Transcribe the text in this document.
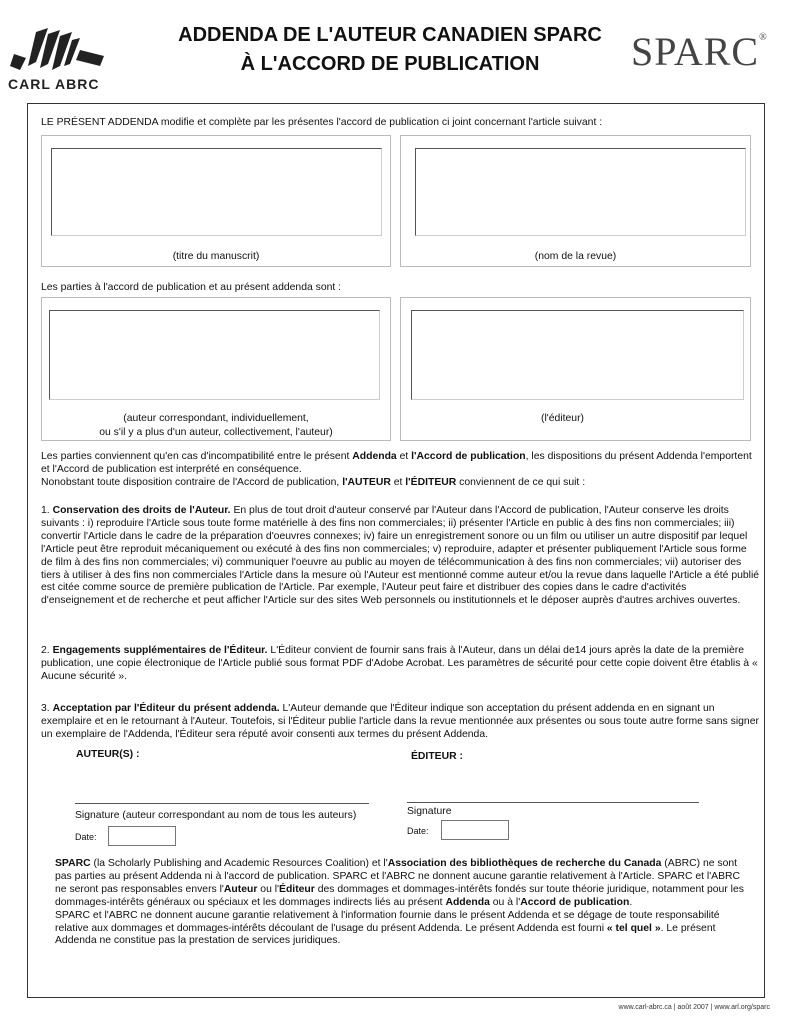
CARL ABRC
ADDENDA DE L'AUTEUR CANADIEN SPARC
À L'ACCORD DE PUBLICATION	SPARC®
LE PRÉSENT ADDENDA modifie et complète par les présentes l'accord de publication ci joint concernant l'article suivant :
(titre du manuscrit)	(nom de la revue)
Les parties à l'accord de publication et au présent addenda sont :
(auteur correspondant, individuellement,
ou s'il y a plus d'un auteur, collectivement, l'auteur)
(l'éditeur)
Les parties conviennent qu'en cas d'incompatibilité entre le présent Addenda et l'Accord de publication, les dispositions du présent Addenda l'emportent et l'Accord de publication est interprété en conséquence.
Nonobstant toute disposition contraire de l'Accord de publication, l'AUTEUR et l'ÉDITEUR conviennent de ce qui suit :
1. Conservation des droits de l'Auteur. En plus de tout droit d'auteur conservé par l'Auteur dans l'Accord de publication, l'Auteur conserve les droits suivants : i) reproduire l'Article sous toute forme matérielle à des fins non commerciales; ii) présenter l'Article en public à des fins non commerciales; iii) convertir l'Article dans le cadre de la préparation d'oeuvres connexes; iv) faire un enregistrement sonore ou un film ou utiliser un autre dispositif par lequel l'Article peut être reproduit mécaniquement ou exécuté à des fins non commerciales; v) reproduire, adapter et présenter publiquement l'Article sous forme de film à des fins non commerciales; vi) communiquer l'oeuvre au public au moyen de télécommunication à des fins non commerciales; vii) autoriser des tiers à utiliser à des fins non commerciales l'Article dans la mesure où l'Auteur est mentionné comme auteur et/ou la revue dans laquelle l'Article a été publié est citée comme source de première publication de l'Article. Par exemple, l'Auteur peut faire et distribuer des copies dans le cadre d'activités d'enseignement et de recherche et peut afficher l'Article sur des sites Web personnels ou institutionnels et le déposer auprès d'autres archives ouvertes.
2. Engagements supplémentaires de l'Éditeur. L'Éditeur convient de fournir sans frais à l'Auteur, dans un délai de14 jours après la date de la première publication, une copie électronique de l'Article publié sous format PDF d'Adobe Acrobat. Les paramètres de sécurité pour cette copie doivent être établis à « Aucune sécurité ».
3. Acceptation par l'Éditeur du présent addenda. L'Auteur demande que l'Éditeur indique son acceptation du présent addenda en en signant un exemplaire et en le retournant à l'Auteur. Toutefois, si l'Éditeur publie l'article dans la revue mentionnée aux présentes ou sous toute autre forme sans signer un exemplaire de l'Addenda, l'Éditeur sera réputé avoir consenti aux termes du présent Addenda.
AUTEUR(S) :	ÉDITEUR :
Signature (auteur correspondant au nom de tous les auteurs)
Date:
Signature
Date:
SPARC (la Scholarly Publishing and Academic Resources Coalition) et l'Association des bibliothèques de recherche du Canada (ABRC) ne sont pas parties au présent Addenda ni à l'accord de publication. SPARC et l'ABRC ne donnent aucune garantie relativement à l'Article. SPARC et l'ABRC ne seront pas responsables envers l'Auteur ou l'Éditeur des dommages et dommages-intérêts fondés sur toute théorie juridique, notamment pour les dommages-intérêts généraux ou spéciaux et les dommages indirects liés au présent Addenda ou à l'Accord de publication.
SPARC et l'ABRC ne donnent aucune garantie relativement à l'information fournie dans le présent Addenda et se dégage de toute responsabilité relative aux dommages et dommages-intérêts découlant de l'usage du présent Addenda. Le présent Addenda est fourni « tel quel ». Le présent Addenda ne constitue pas la prestation de services juridiques.
www.carl-abrc.ca | août 2007 | www.arl.org/sparc
